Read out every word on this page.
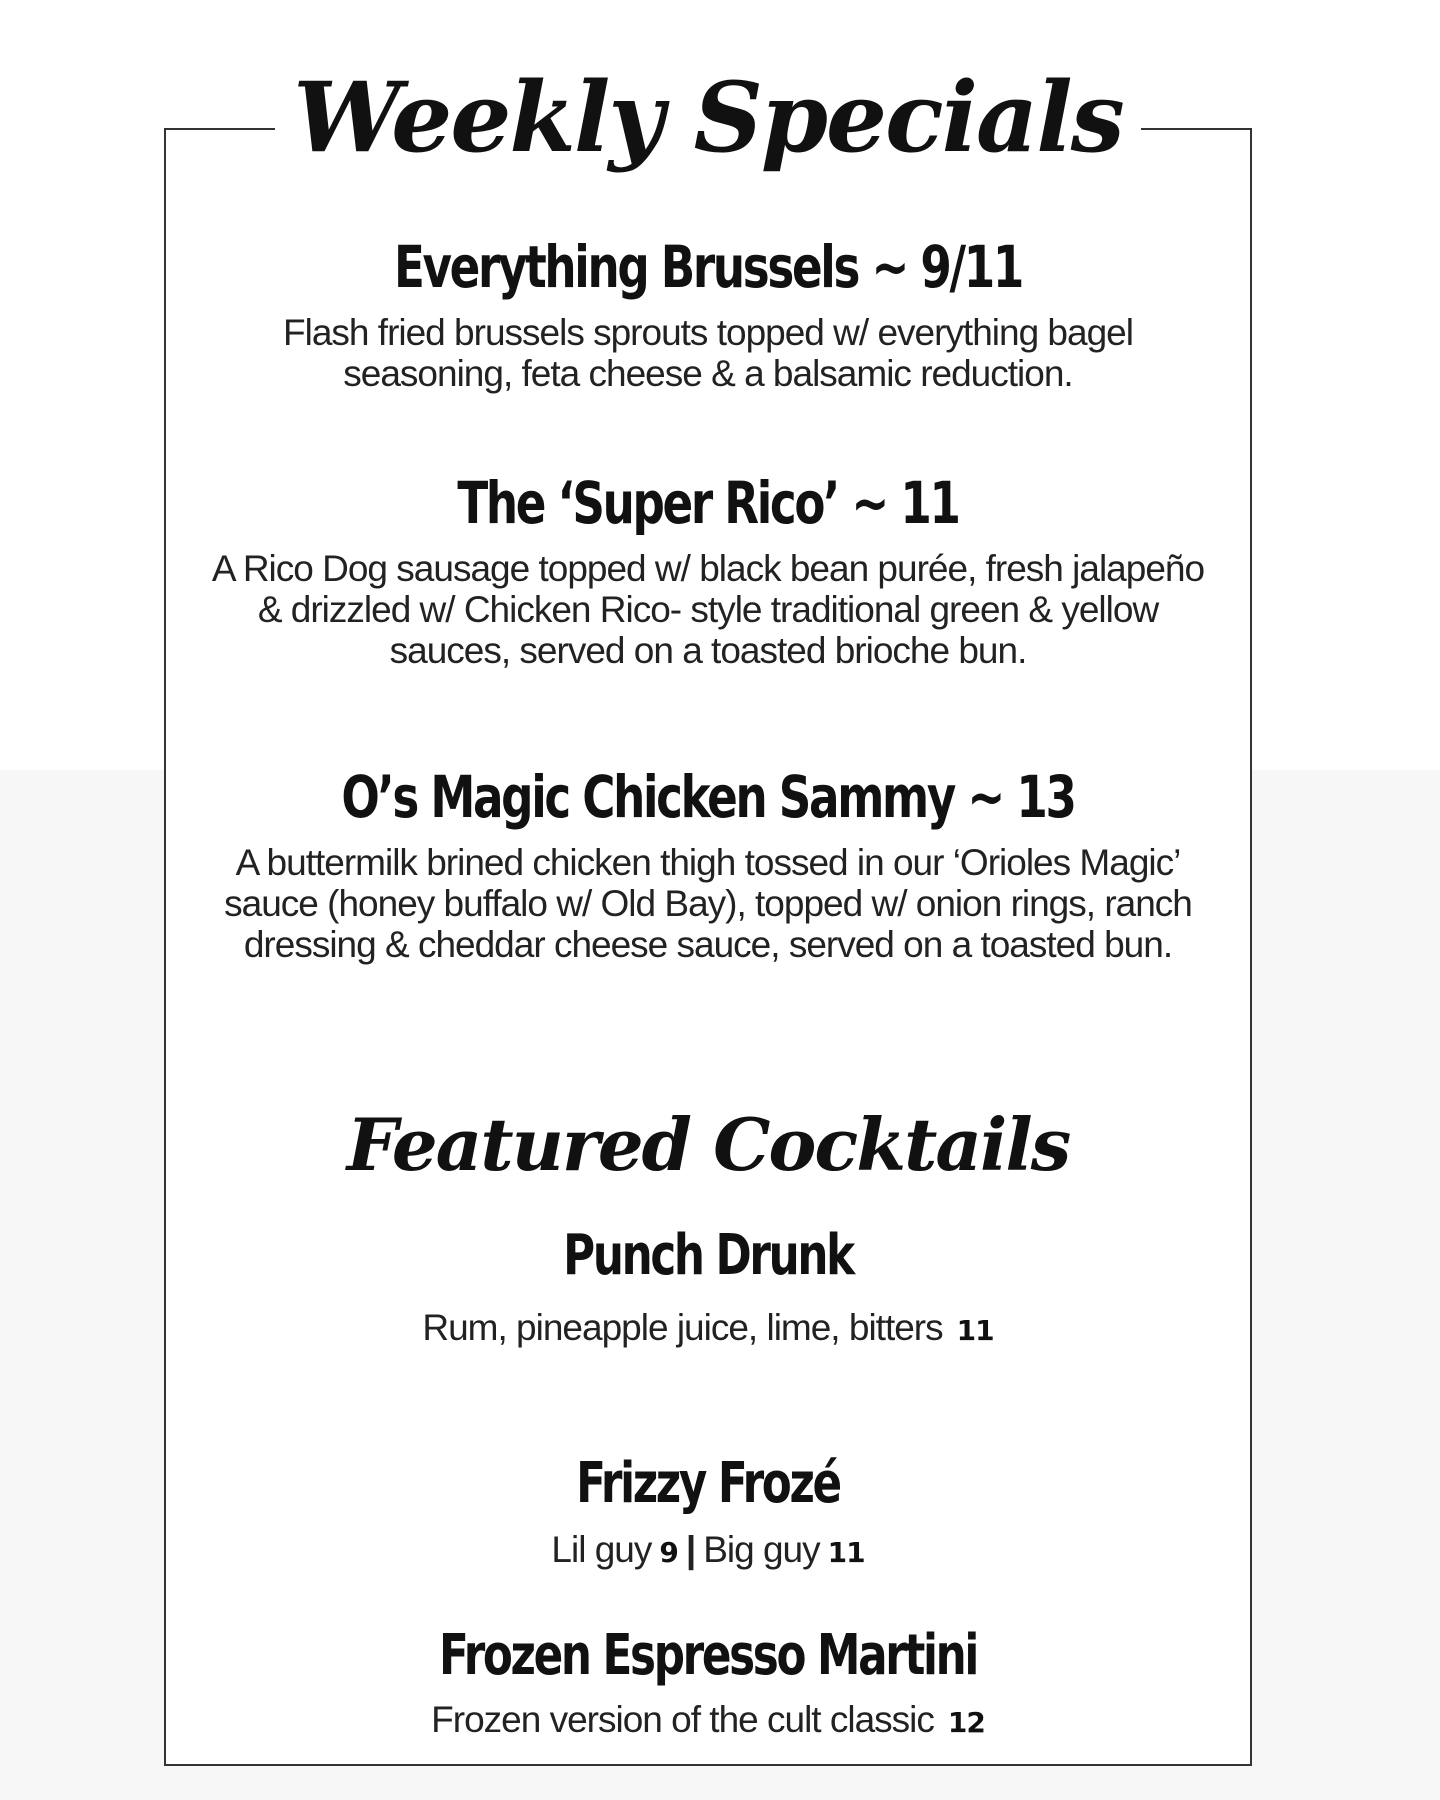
Weekly Specials
Everything Brussels ~ 9/11
Flash fried brussels sprouts topped w/ everything bagel seasoning, feta cheese & a balsamic reduction.
The ‘Super Rico’ ~ 11
A Rico Dog sausage topped w/ black bean purée, fresh jalapeño & drizzled w/ Chicken Rico- style traditional green & yellow sauces, served on a toasted brioche bun.
O’s Magic Chicken Sammy ~ 13
A buttermilk brined chicken thigh tossed in our ‘Orioles Magic’ sauce (honey buffalo w/ Old Bay), topped w/ onion rings, ranch dressing & cheddar cheese sauce, served on a toasted bun.
Featured Cocktails
Punch Drunk
Rum, pineapple juice, lime, bitters 11
Frizzy Frozé
Lil guy 9 | Big guy 11
Frozen Espresso Martini
Frozen version of the cult classic 12
